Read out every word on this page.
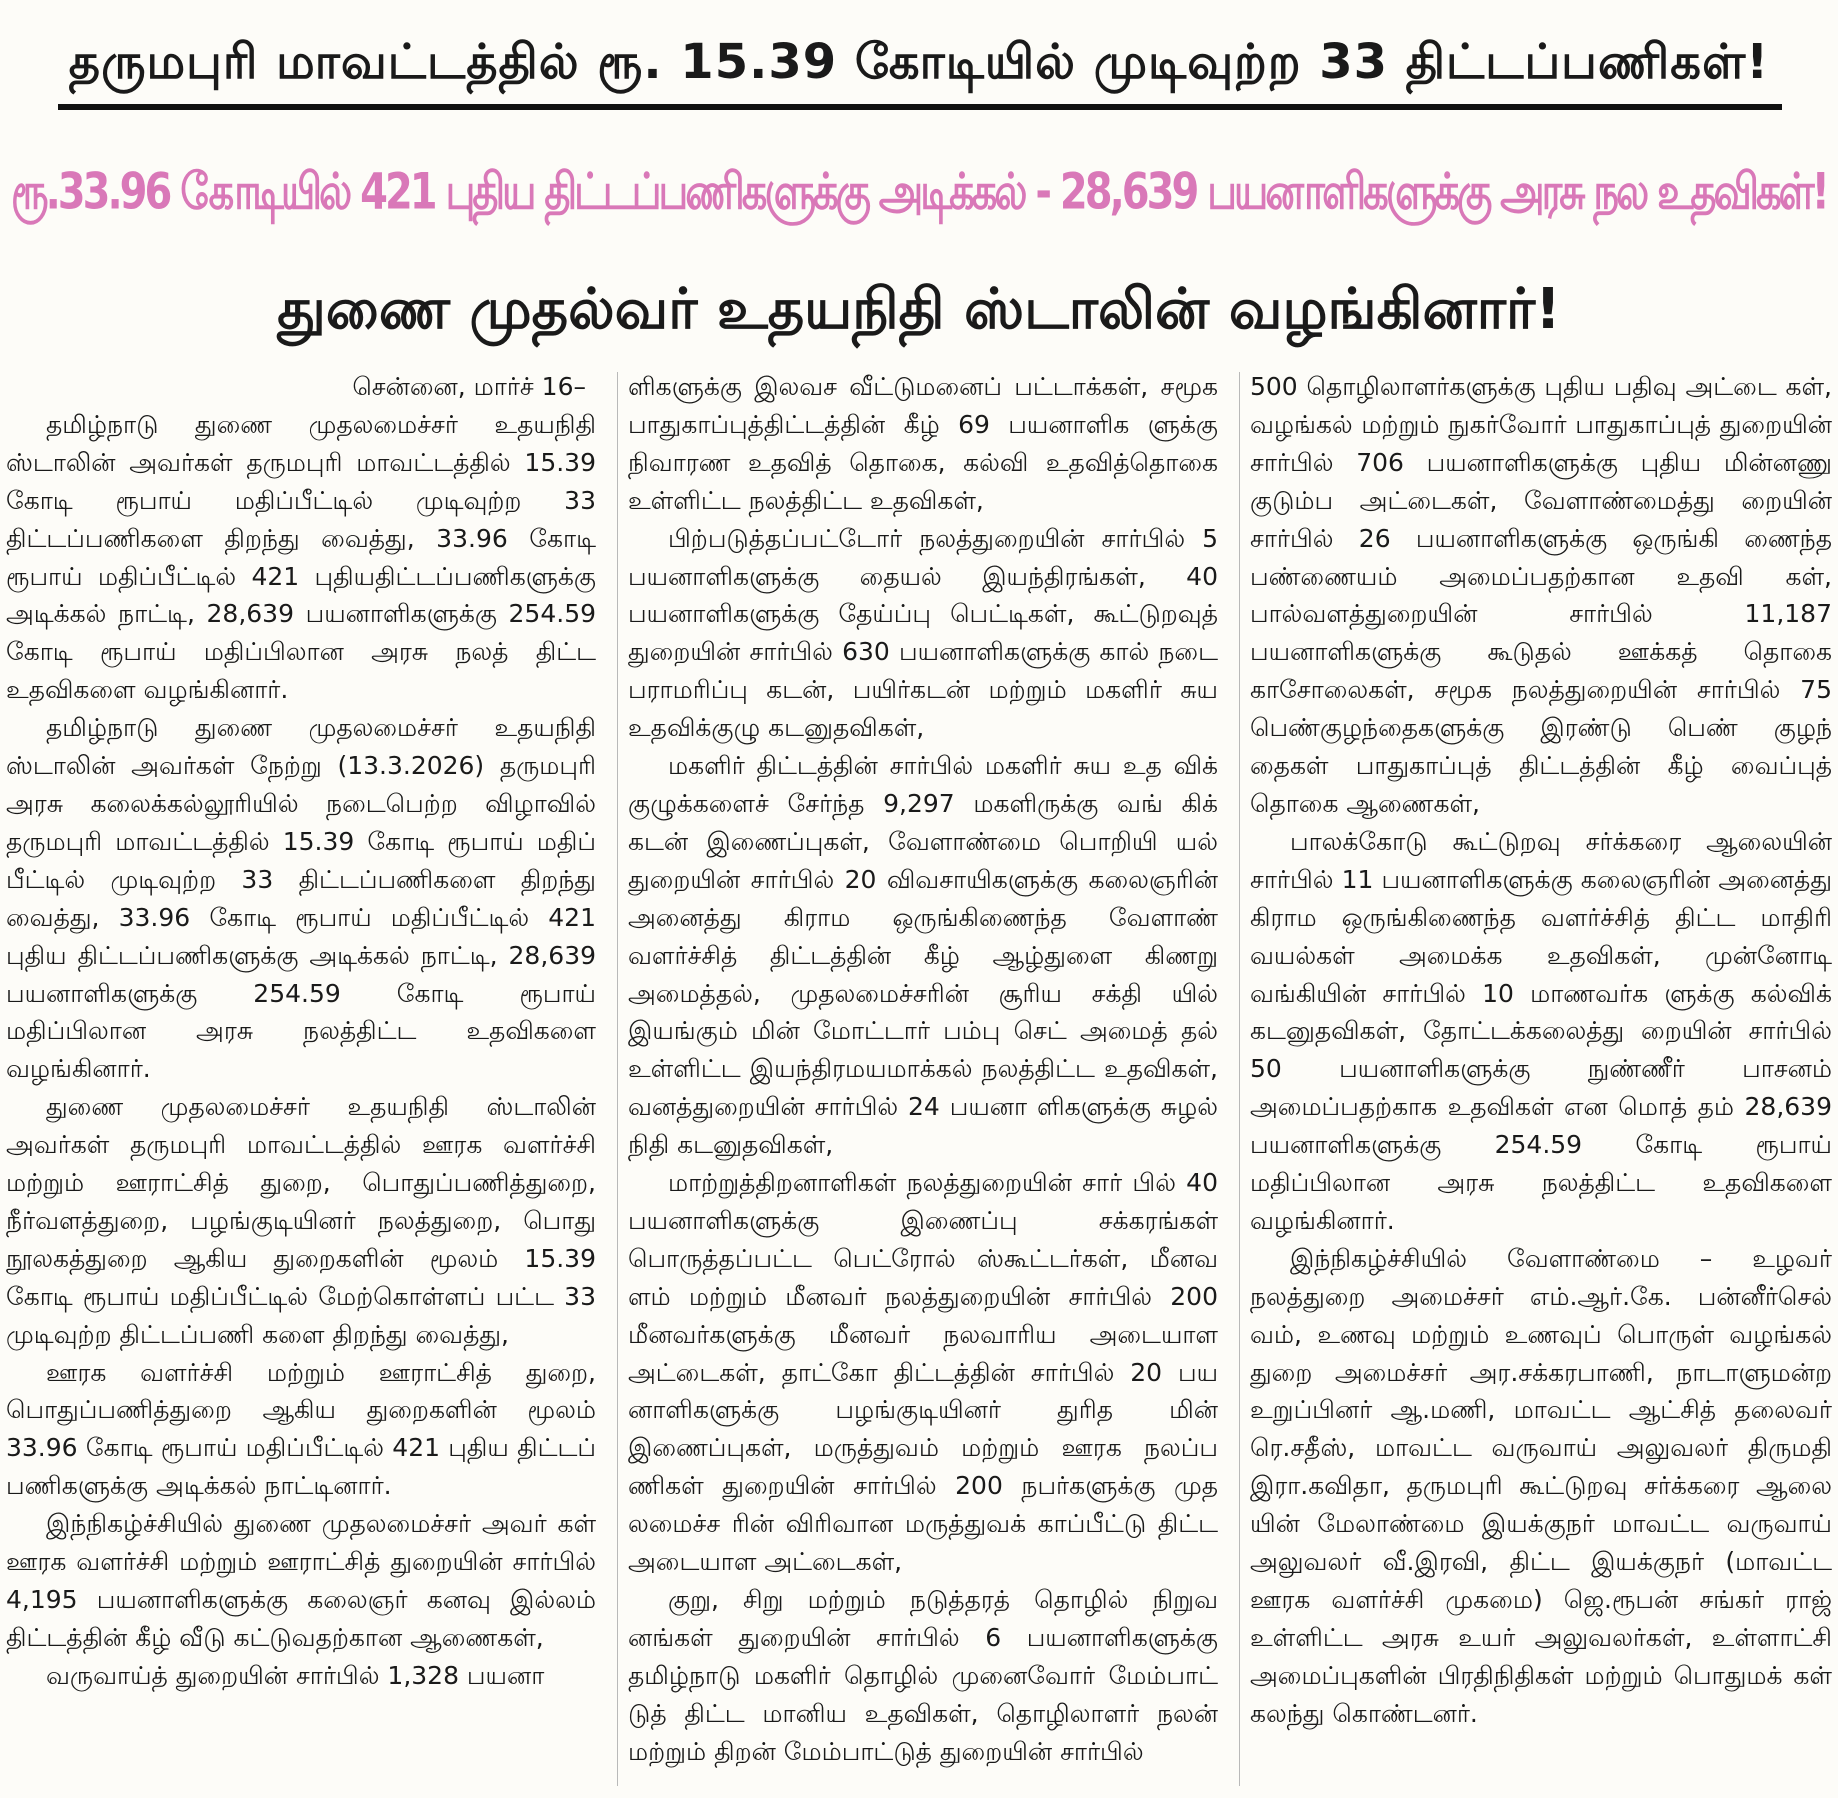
தருமபுரி மாவட்டத்தில் ரூ. 15.39 கோடியில் முடிவுற்ற 33 திட்டப்பணிகள்!
ரூ.33.96 கோடியில் 421 புதிய திட்டப்பணிகளுக்கு அடிக்கல் - 28,639 பயனாளிகளுக்கு அரசு நல உதவிகள்!
துணை முதல்வர் உதயநிதி ஸ்டாலின் வழங்கினார்!

சென்னை, மார்ச் 16–

தமிழ்நாடு துணை முதலமைச்சர் உதயநிதி ஸ்டாலின் அவர்கள் தருமபுரி மாவட்டத்தில் 15.39 கோடி ரூபாய் மதிப்பீட்டில் முடிவுற்ற 33 திட்டப்பணிகளை திறந்து வைத்து, 33.96 கோடி ரூபாய் மதிப்பீட்டில் 421 புதியதிட்டப்பணிகளுக்கு அடிக்கல் நாட்டி, 28,639 பயனாளிகளுக்கு 254.59 கோடி ரூபாய் மதிப்பிலான அரசு நலத் திட்ட உதவிகளை வழங்கினார்.

தமிழ்நாடு துணை முதலமைச்சர் உதயநிதி ஸ்டாலின் அவர்கள் நேற்று (13.3.2026) தருமபுரி அரசு கலைக்கல்லூரியில் நடைபெற்ற விழாவில் தருமபுரி மாவட்டத்தில் 15.39 கோடி ரூபாய் மதிப் பீட்டில் முடிவுற்ற 33 திட்டப்பணிகளை திறந்து வைத்து, 33.96 கோடி ரூபாய் மதிப்பீட்டில் 421 புதிய திட்டப்பணிகளுக்கு அடிக்கல் நாட்டி, 28,639 பயனாளிகளுக்கு 254.59 கோடி ரூபாய் மதிப்பிலான அரசு நலத்திட்ட உதவிகளை வழங்கினார்.

துணை முதலமைச்சர் உதயநிதி ஸ்டாலின் அவர்கள் தருமபுரி மாவட்டத்தில் ஊரக வளர்ச்சி மற்றும் ஊராட்சித் துறை, பொதுப்பணித்துறை, நீர்வளத்துறை, பழங்குடியினர் நலத்துறை, பொது நூலகத்துறை ஆகிய துறைகளின் மூலம் 15.39 கோடி ரூபாய் மதிப்பீட்டில் மேற்கொள்ளப் பட்ட 33 முடிவுற்ற திட்டப்பணி களை திறந்து வைத்து,

ஊரக வளர்ச்சி மற்றும் ஊராட்சித் துறை, பொதுப்பணித்துறை ஆகிய துறைகளின் மூலம் 33.96 கோடி ரூபாய் மதிப்பீட்டில் 421 புதிய திட்டப் பணிகளுக்கு அடிக்கல் நாட்டினார்.

இந்நிகழ்ச்சியில் துணை முதலமைச்சர் அவர் கள் ஊரக வளர்ச்சி மற்றும் ஊராட்சித் துறையின் சார்பில் 4,195 பயனாளிகளுக்கு கலைஞர் கனவு இல்லம் திட்டத்தின் கீழ் வீடு கட்டுவதற்கான ஆணைகள்,

வருவாய்த் துறையின் சார்பில் 1,328 பயனா

ளிகளுக்கு இலவச வீட்டுமனைப் பட்டாக்கள், சமூக பாதுகாப்புத்திட்டத்தின் கீழ் 69 பயனாளிக ளுக்கு நிவாரண உதவித் தொகை, கல்வி உதவித்தொகை உள்ளிட்ட நலத்திட்ட உதவிகள்,

பிற்படுத்தப்பட்டோர் நலத்துறையின் சார்பில் 5 பயனாளிகளுக்கு தையல் இயந்திரங்கள், 40 பயனாளிகளுக்கு தேய்ப்பு பெட்டிகள், கூட்டுறவுத் துறையின் சார்பில் 630 பயனாளிகளுக்கு கால் நடை பராமரிப்பு கடன், பயிர்கடன் மற்றும் மகளிர் சுய உதவிக்குழு கடனுதவிகள்,

மகளிர் திட்டத்தின் சார்பில் மகளிர் சுய உத விக் குழுக்களைச் சேர்ந்த 9,297 மகளிருக்கு வங் கிக் கடன் இணைப்புகள், வேளாண்மை பொறியி யல் துறையின் சார்பில் 20 விவசாயிகளுக்கு கலைஞரின் அனைத்து கிராம ஒருங்கிணைந்த வேளாண் வளர்ச்சித் திட்டத்தின் கீழ் ஆழ்துளை கிணறு அமைத்தல், முதலமைச்சரின் சூரிய சக்தி யில் இயங்கும் மின் மோட்டார் பம்பு செட் அமைத் தல் உள்ளிட்ட இயந்திரமயமாக்கல் நலத்திட்ட உதவிகள், வனத்துறையின் சார்பில் 24 பயனா ளிகளுக்கு சுழல் நிதி கடனுதவிகள்,

மாற்றுத்திறனாளிகள் நலத்துறையின் சார் பில் 40 பயனாளிகளுக்கு இணைப்பு சக்கரங்கள் பொருத்தப்பட்ட பெட்ரோல் ஸ்கூட்டர்கள், மீனவ ளம் மற்றும் மீனவர் நலத்துறையின் சார்பில் 200 மீனவர்களுக்கு மீனவர் நலவாரிய அடையாள அட்டைகள், தாட்கோ திட்டத்தின் சார்பில் 20 பய னாளிகளுக்கு பழங்குடியினர் துரித மின் இணைப்புகள், மருத்துவம் மற்றும் ஊரக நலப்ப ணிகள் துறையின் சார்பில் 200 நபர்களுக்கு முத லமைச்ச ரின் விரிவான மருத்துவக் காப்பீட்டு திட்ட அடையாள அட்டைகள்,

குறு, சிறு மற்றும் நடுத்தரத் தொழில் நிறுவ னங்கள் துறையின் சார்பில் 6 பயனாளிகளுக்கு தமிழ்நாடு மகளிர் தொழில் முனைவோர் மேம்பாட் டுத் திட்ட மானிய உதவிகள், தொழிலாளர் நலன் மற்றும் திறன் மேம்பாட்டுத் துறையின் சார்பில்

500 தொழிலாளர்களுக்கு புதிய பதிவு அட்டை கள், வழங்கல் மற்றும் நுகர்வோர் பாதுகாப்புத் துறையின் சார்பில் 706 பயனாளிகளுக்கு புதிய மின்னணு குடும்ப அட்டைகள், வேளாண்மைத்து றையின் சார்பில் 26 பயனாளிகளுக்கு ஒருங்கி ணைந்த பண்ணையம் அமைப்பதற்கான உதவி கள், பால்வளத்துறையின் சார்பில் 11,187 பயனாளிகளுக்கு கூடுதல் ஊக்கத் தொகை காசோலைகள், சமூக நலத்துறையின் சார்பில் 75 பெண்குழந்தைகளுக்கு இரண்டு பெண் குழந் தைகள் பாதுகாப்புத் திட்டத்தின் கீழ் வைப்புத் தொகை ஆணைகள்,

பாலக்கோடு கூட்டுறவு சர்க்கரை ஆலையின் சார்பில் 11 பயனாளிகளுக்கு கலைஞரின் அனைத்து கிராம ஒருங்கிணைந்த வளர்ச்சித் திட்ட மாதிரி வயல்கள் அமைக்க உதவிகள், முன்னோடி வங்கியின் சார்பில் 10 மாணவர்க ளுக்கு கல்விக் கடனுதவிகள், தோட்டக்கலைத்து றையின் சார்பில் 50 பயனாளிகளுக்கு நுண்ணீர் பாசனம் அமைப்பதற்காக உதவிகள் என மொத் தம் 28,639 பயனாளிகளுக்கு 254.59 கோடி ரூபாய் மதிப்பிலான அரசு நலத்திட்ட உதவிகளை வழங்கினார்.

இந்நிகழ்ச்சியில் வேளாண்மை – உழவர் நலத்துறை அமைச்சர் எம்.ஆர்.கே. பன்னீர்செல் வம், உணவு மற்றும் உணவுப் பொருள் வழங்கல் துறை அமைச்சர் அர.சக்கரபாணி, நாடாளுமன்ற உறுப்பினர் ஆ.மணி, மாவட்ட ஆட்சித் தலைவர் ரெ.சதீஸ், மாவட்ட வருவாய் அலுவலர் திருமதி இரா.கவிதா, தருமபுரி கூட்டுறவு சர்க்கரை ஆலை யின் மேலாண்மை இயக்குநர் மாவட்ட வருவாய் அலுவலர் வீ.இரவி, திட்ட இயக்குநர் (மாவட்ட ஊரக வளர்ச்சி முகமை) ஜெ.ரூபன் சங்கர் ராஜ் உள்ளிட்ட அரசு உயர் அலுவலர்கள், உள்ளாட்சி அமைப்புகளின் பிரதிநிதிகள் மற்றும் பொதுமக் கள் கலந்து கொண்டனர்.
